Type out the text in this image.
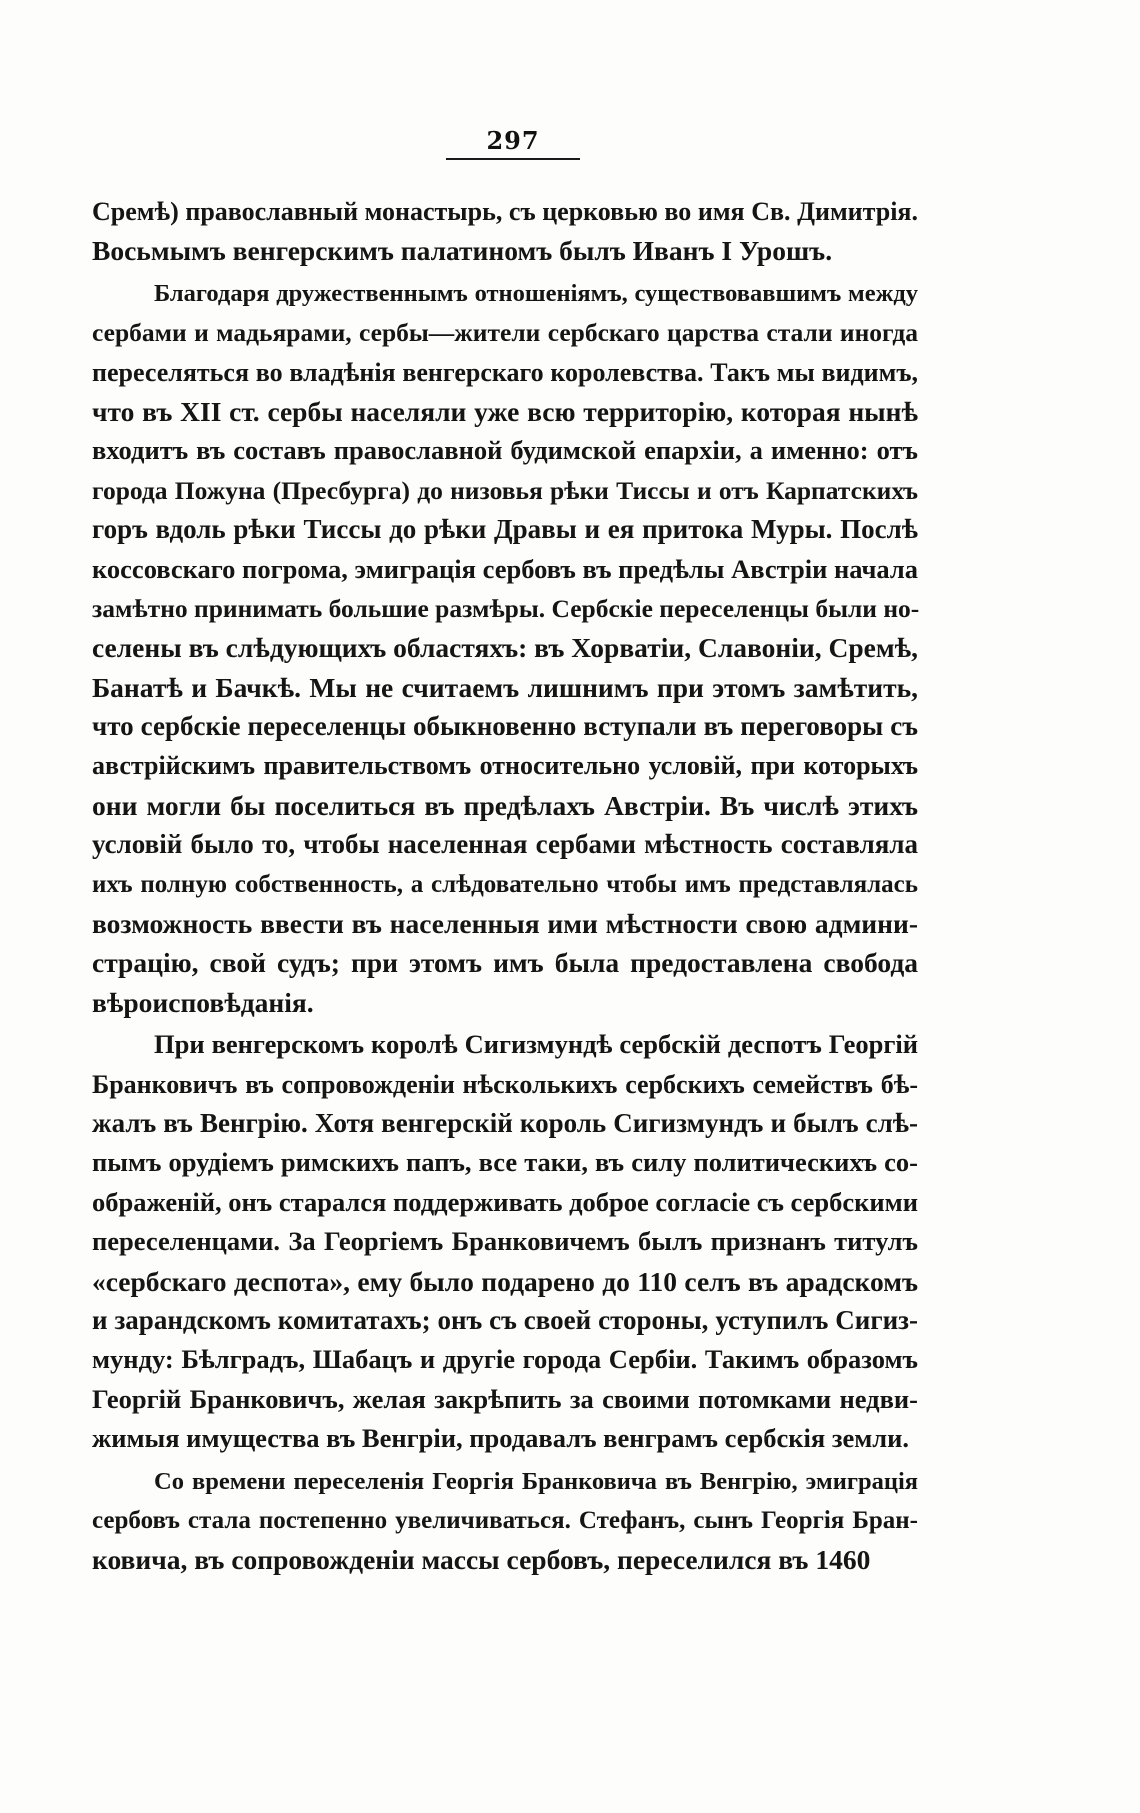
297
Сремѣ) православный монастырь, съ церковью во имя Св. Димитрія.
Восьмымъ венгерскимъ палатиномъ былъ Иванъ I Урошъ.
Благодаря дружественнымъ отношеніямъ, существовавшимъ между
сербами и мадьярами, сербы—жители сербскаго царства стали иногда
переселяться во владѣнія венгерскаго королевства. Такъ мы видимъ,
что въ XII ст. сербы населяли уже всю территорію, которая нынѣ
входитъ въ составъ православной будимской епархіи, а именно: отъ
города Пожуна (Пресбурга) до низовья рѣки Тиссы и отъ Карпатскихъ
горъ вдоль рѣки Тиссы до рѣки Дравы и ея притока Муры. Послѣ
коссовскаго погрома, эмиграція сербовъ въ предѣлы Австріи начала
замѣтно принимать большие размѣры. Сербскіе переселенцы были но-
селены въ слѣдующихъ областяхъ: въ Хорватіи, Славоніи, Сремѣ,
Банатѣ и Бачкѣ. Мы не считаемъ лишнимъ при этомъ замѣтить,
что сербскіе переселенцы обыкновенно вступали въ переговоры съ
австрійскимъ правительствомъ относительно условій, при которыхъ
они могли бы поселиться въ предѣлахъ Австріи. Въ числѣ этихъ
условій было то, чтобы населенная сербами мѣстность составляла
ихъ полную собственность, а слѣдовательно чтобы имъ представлялась
возможность ввести въ населенныя ими мѣстности свою админи-
страцію, свой судъ; при этомъ имъ была предоставлена свобода
вѣроисповѣданія.
При венгерскомъ королѣ Сигизмундѣ сербскій деспотъ Георгій
Бранковичъ въ сопровожденіи нѣсколькихъ сербскихъ семействъ бѣ-
жалъ въ Венгрію. Хотя венгерскій король Сигизмундъ и былъ слѣ-
пымъ орудіемъ римскихъ папъ, все таки, въ силу политическихъ со-
ображеній, онъ старался поддерживать доброе согласіе съ сербскими
переселенцами. За Георгіемъ Бранковичемъ былъ признанъ титулъ
«сербскаго деспота», ему было подарено до 110 селъ въ арадскомъ
и зарандскомъ комитатахъ; онъ съ своей стороны, уступилъ Сигиз-
мунду: Бѣлградъ, Шабацъ и другіе города Сербіи. Такимъ образомъ
Георгій Бранковичъ, желая закрѣпить за своими потомками недви-
жимыя имущества въ Венгріи, продавалъ венграмъ сербскія земли.
Со времени переселенія Георгія Бранковича въ Венгрію, эмиграція
сербовъ стала постепенно увеличиваться. Стефанъ, сынъ Георгія Бран-
ковича, въ сопровожденіи массы сербовъ, переселился въ 1460
